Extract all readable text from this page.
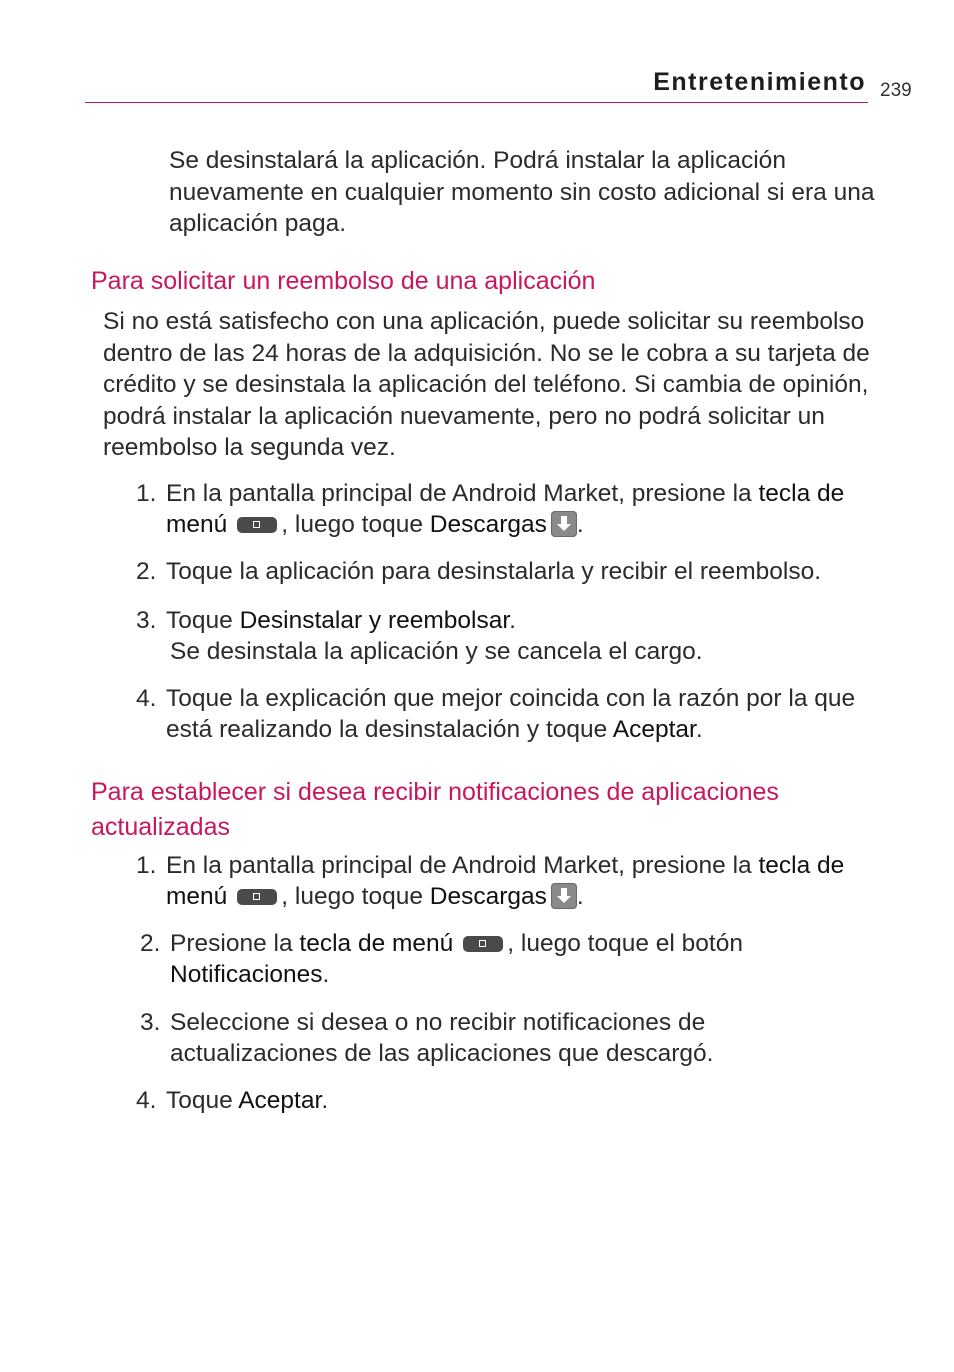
Entretenimiento 239

Se desinstalará la aplicación. Podrá instalar la aplicación nuevamente en cualquier momento sin costo adicional si era una aplicación paga.

Para solicitar un reembolso de una aplicación

Si no está satisfecho con una aplicación, puede solicitar su reembolso dentro de las 24 horas de la adquisición. No se le cobra a su tarjeta de crédito y se desinstala la aplicación del teléfono. Si cambia de opinión, podrá instalar la aplicación nuevamente, pero no podrá solicitar un reembolso la segunda vez.

1. En la pantalla principal de Android Market, presione la tecla de menú , luego toque Descargas .
2. Toque la aplicación para desinstalarla y recibir el reembolso.
3. Toque Desinstalar y reembolsar.
Se desinstala la aplicación y se cancela el cargo.
4. Toque la explicación que mejor coincida con la razón por la que está realizando la desinstalación y toque Aceptar.
Para establecer si desea recibir notificaciones de aplicaciones actualizadas
1. En la pantalla principal de Android Market, presione la tecla de menú , luego toque Descargas .
2. Presione la tecla de menú , luego toque el botón Notificaciones.
3. Seleccione si desea o no recibir notificaciones de actualizaciones de las aplicaciones que descargó.
4. Toque Aceptar.
